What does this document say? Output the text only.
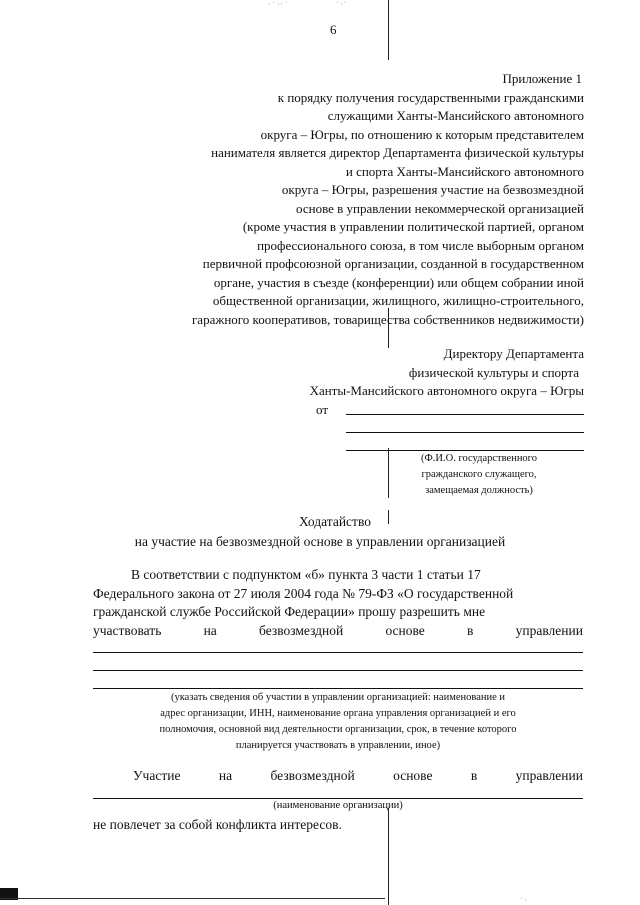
· ˙ ·· ˙	˙ ·˙
6
Приложение 1
к порядку получения государственными гражданскими
служащими Ханты-Мансийского автономного
округа – Югры, по отношению к которым представителем
нанимателя является директор Департамента физической культуры
и спорта Ханты-Мансийского автономного
округа – Югры, разрешения участие на безвозмездной
основе в управлении некоммерческой организацией
(кроме участия в управлении политической партией, органом
профессионального союза, в том числе выборным органом
первичной профсоюзной организации, созданной в государственном
органе, участия в съезде (конференции) или общем собрании иной
общественной организации, жилищного, жилищно-строительного,
гаражного кооперативов, товарищества собственников недвижимости)
Директору Департамента
физической культуры и спорта
Ханты-Мансийского автономного округа – Югры
от
(Ф.И.О. государственного
гражданского служащего,
замещаемая должность)
Ходатайство
на участие на безвозмездной основе в управлении организацией
В соответствии с подпунктом «б» пункта 3 части 1 статьи 17
Федерального закона от 27 июля 2004 года № 79-ФЗ «О государственной
гражданской службе Российской Федерации» прошу разрешить мне
участвовать	на	безвозмездной	основе	в	управлении
(указать сведения об участии в управлении организацией: наименование и
адрес организации, ИНН, наименование органа управления организацией и его
полномочия, основной вид деятельности организации, срок, в течение которого
планируется участвовать в управлении, иное)
Участие	на	безвозмездной	основе	в	управлении
(наименование организации)
не повлечет за собой конфликта интересов.
˙ ·
